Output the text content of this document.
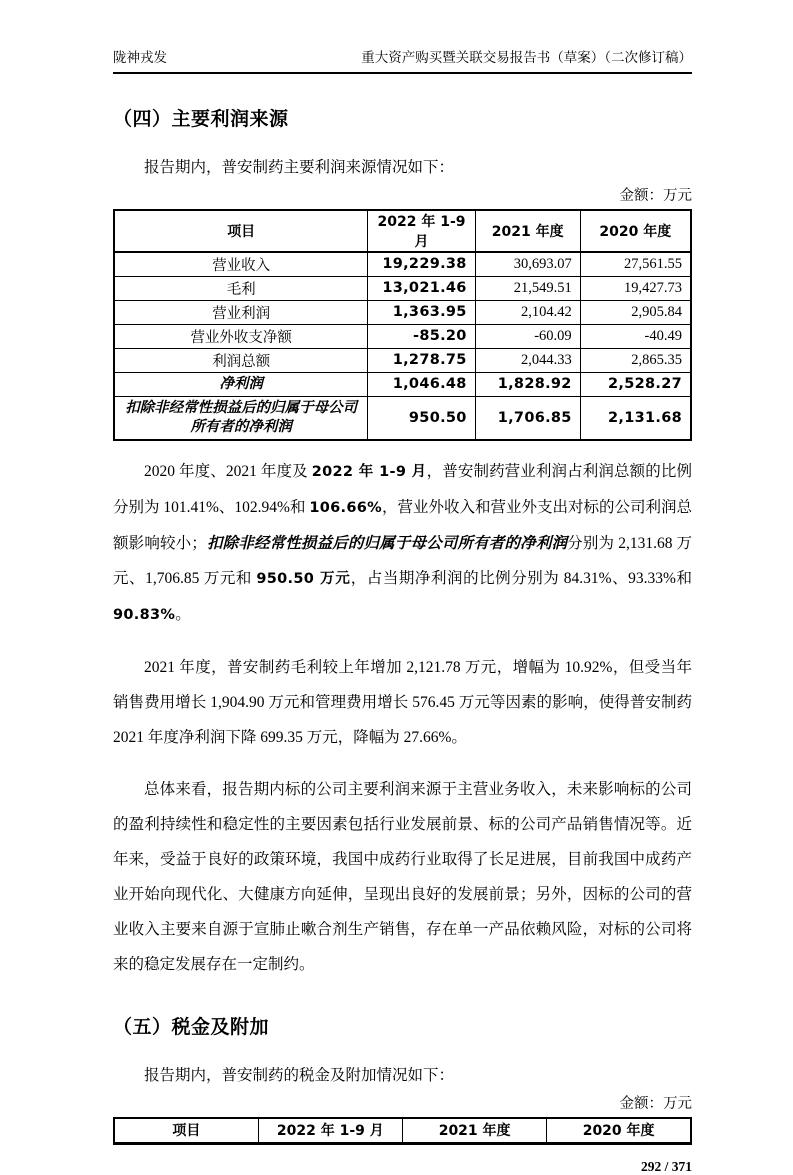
陇神戎发	重大资产购买暨关联交易报告书（草案）（二次修订稿）
（四）主要利润来源

报告期内，普安制药主要利润来源情况如下：

金额：万元
项目	2022 年 1-9 月	2021 年度	2020 年度
营业收入	19,229.38	30,693.07	27,561.55
毛利	13,021.46	21,549.51	19,427.73
营业利润	1,363.95	2,104.42	2,905.84
营业外收支净额	-85.20	-60.09	-40.49
利润总额	1,278.75	2,044.33	2,865.35
净利润	1,046.48	1,828.92	2,528.27
扣除非经常性损益后的归属于母公司所有者的净利润	950.50	1,706.85	2,131.68

2020 年度、2021 年度及 2022 年 1-9 月，普安制药营业利润占利润总额的比例分别为 101.41%、102.94%和 106.66%，营业外收入和营业外支出对标的公司利润总额影响较小；扣除非经常性损益后的归属于母公司所有者的净利润分别为 2,131.68 万元、1,706.85 万元和 950.50 万元，占当期净利润的比例分别为 84.31%、93.33%和 90.83%。

2021 年度，普安制药毛利较上年增加 2,121.78 万元，增幅为 10.92%，但受当年销售费用增长 1,904.90 万元和管理费用增长 576.45 万元等因素的影响，使得普安制药 2021 年度净利润下降 699.35 万元，降幅为 27.66%。

总体来看，报告期内标的公司主要利润来源于主营业务收入，未来影响标的公司的盈利持续性和稳定性的主要因素包括行业发展前景、标的公司产品销售情况等。近年来，受益于良好的政策环境，我国中成药行业取得了长足进展，目前我国中成药产业开始向现代化、大健康方向延伸，呈现出良好的发展前景；另外，因标的公司的营业收入主要来自源于宣肺止嗽合剂生产销售，存在单一产品依赖风险，对标的公司将来的稳定发展存在一定制约。

（五）税金及附加

报告期内，普安制药的税金及附加情况如下：

金额：万元
项目	2022 年 1-9 月	2021 年度	2020 年度
292 / 371
